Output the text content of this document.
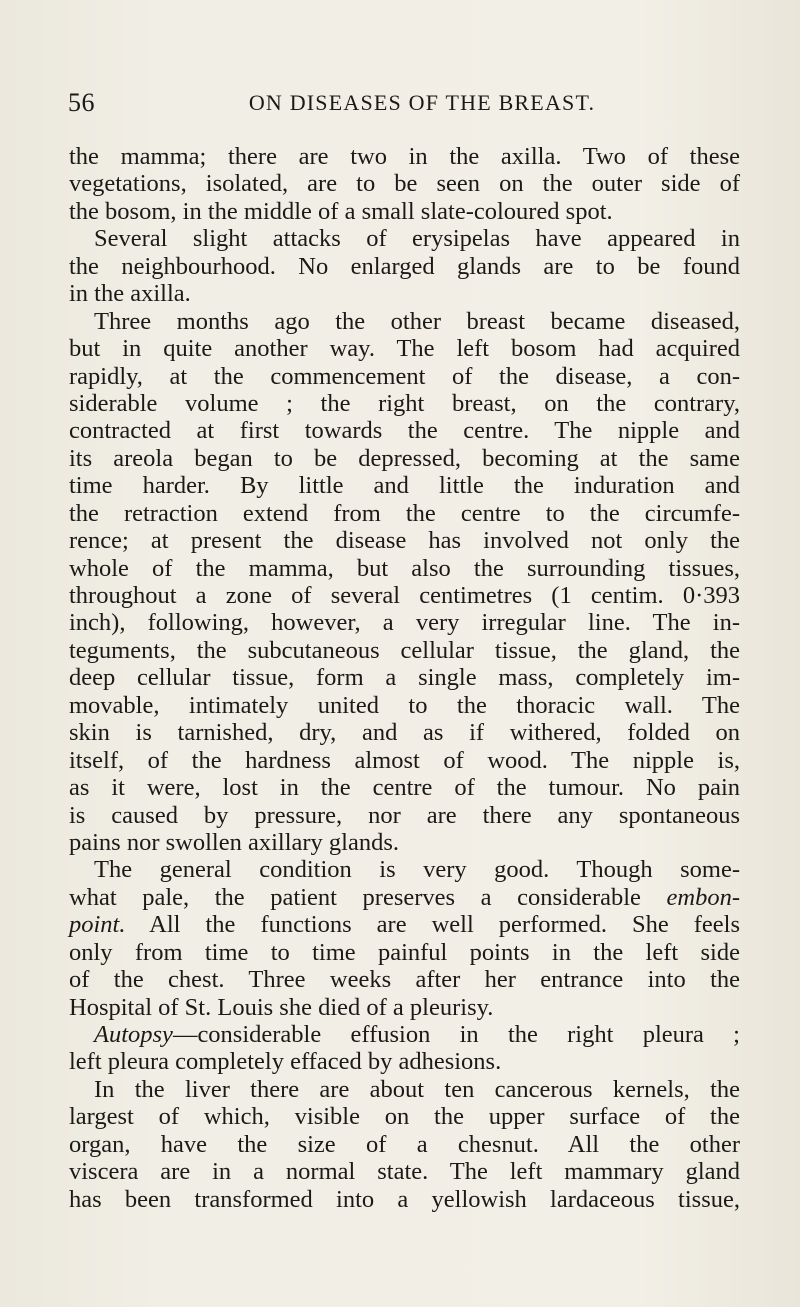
56	ON DISEASES OF THE BREAST.
the mamma; there are two in the axilla. Two of these
vegetations, isolated, are to be seen on the outer side of
the bosom, in the middle of a small slate-coloured spot.
Several slight attacks of erysipelas have appeared in
the neighbourhood. No enlarged glands are to be found
in the axilla.
Three months ago the other breast became diseased,
but in quite another way. The left bosom had acquired
rapidly, at the commencement of the disease, a con-
siderable volume ; the right breast, on the contrary,
contracted at first towards the centre. The nipple and
its areola began to be depressed, becoming at the same
time harder. By little and little the induration and
the retraction extend from the centre to the circumfe-
rence; at present the disease has involved not only the
whole of the mamma, but also the surrounding tissues,
throughout a zone of several centimetres (1 centim. 0·393
inch), following, however, a very irregular line. The in-
teguments, the subcutaneous cellular tissue, the gland, the
deep cellular tissue, form a single mass, completely im-
movable, intimately united to the thoracic wall. The
skin is tarnished, dry, and as if withered, folded on
itself, of the hardness almost of wood. The nipple is,
as it were, lost in the centre of the tumour. No pain
is caused by pressure, nor are there any spontaneous
pains nor swollen axillary glands.
The general condition is very good. Though some-
what pale, the patient preserves a considerable embon-
point. All the functions are well performed. She feels
only from time to time painful points in the left side
of the chest. Three weeks after her entrance into the
Hospital of St. Louis she died of a pleurisy.
Autopsy—considerable effusion in the right pleura ;
left pleura completely effaced by adhesions.
In the liver there are about ten cancerous kernels, the
largest of which, visible on the upper surface of the
organ, have the size of a chesnut. All the other
viscera are in a normal state. The left mammary gland
has been transformed into a yellowish lardaceous tissue,
